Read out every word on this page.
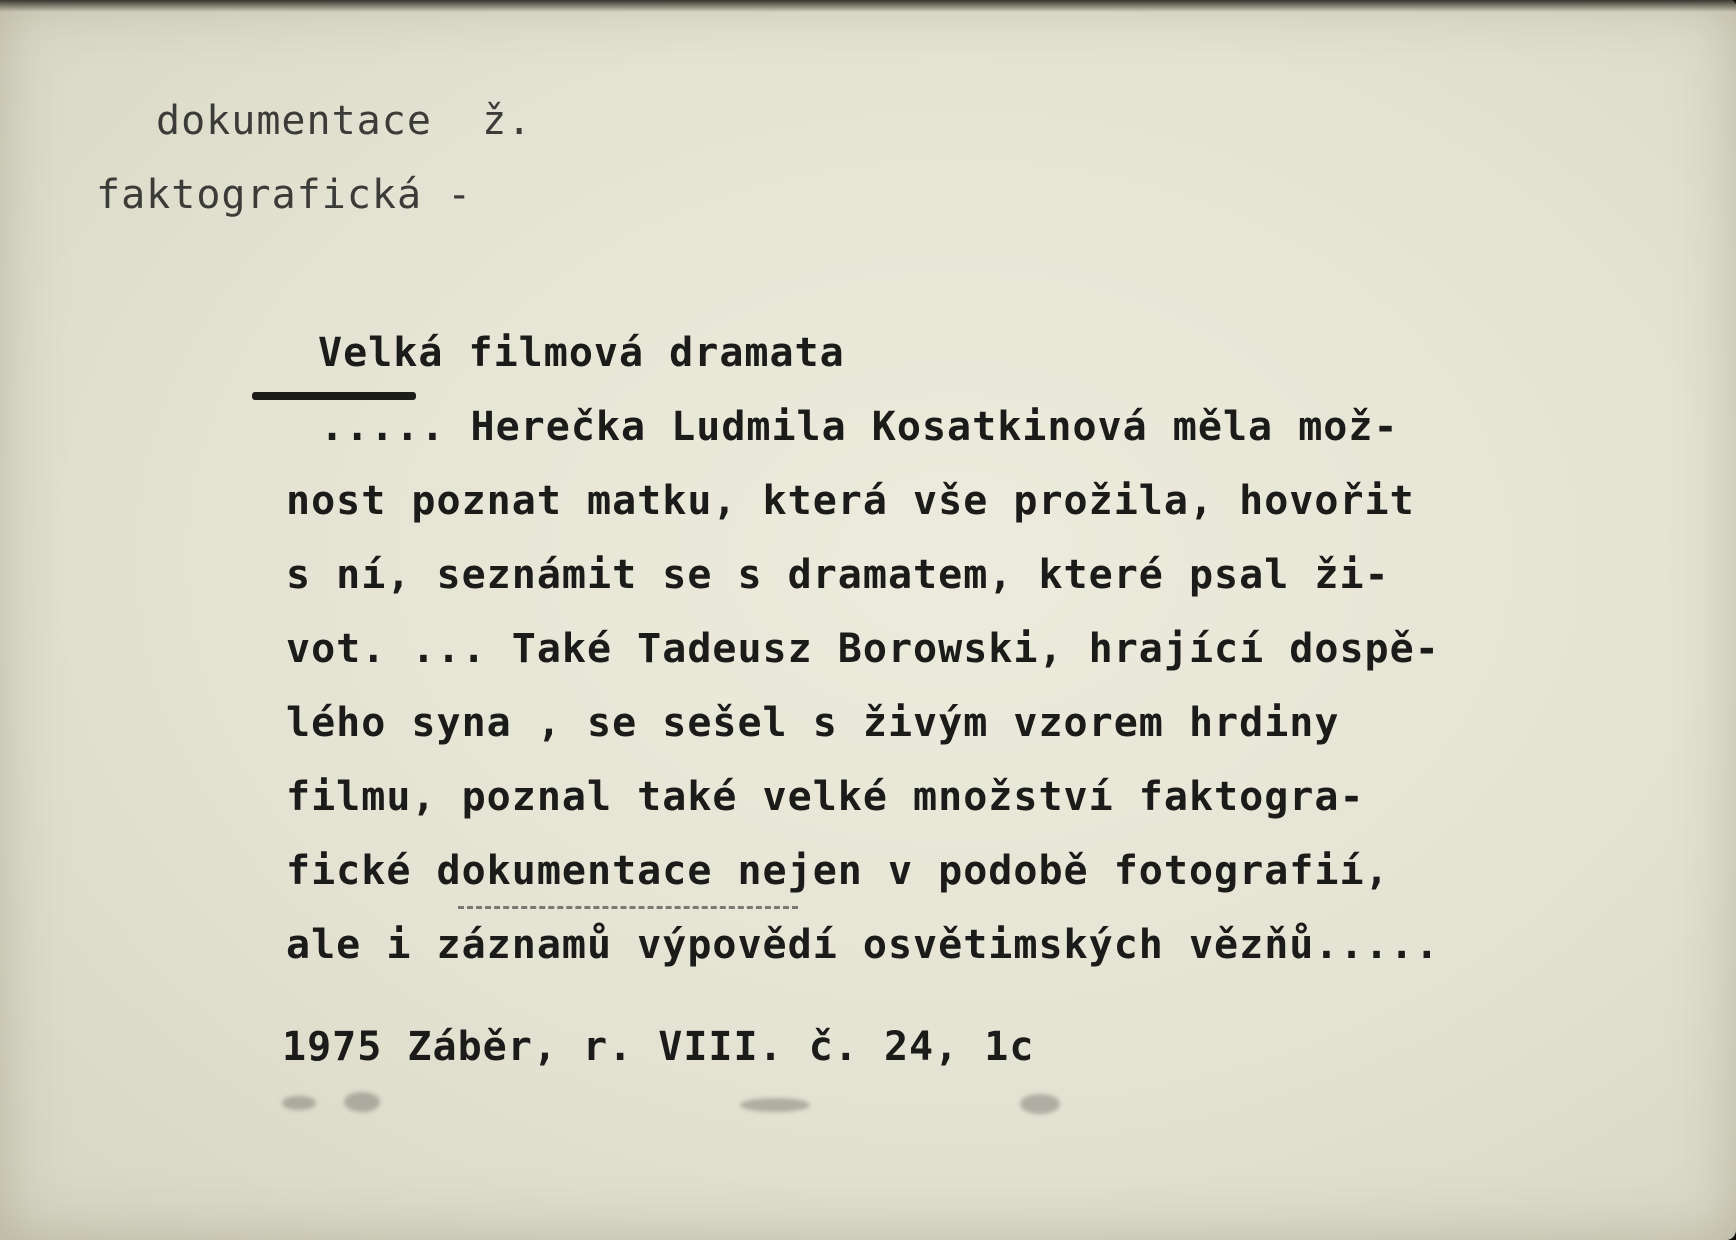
dokumentace  ž.

faktografická -

Velká filmová dramata

..... Herečka Ludmila Kosatkinová měla mož-

nost poznat matku, která vše prožila, hovořit

s ní, seznámit se s dramatem, které psal ži-

vot. ... Také Tadeusz Borowski, hrající dospě-

lého syna , se sešel s živým vzorem hrdiny

filmu, poznal také velké množství faktogra-

fické dokumentace nejen v podobě fotografií,

ale i záznamů výpovědí osvětimských vězňů.....

1975 Záběr, r. VIII. č. 24, 1c
